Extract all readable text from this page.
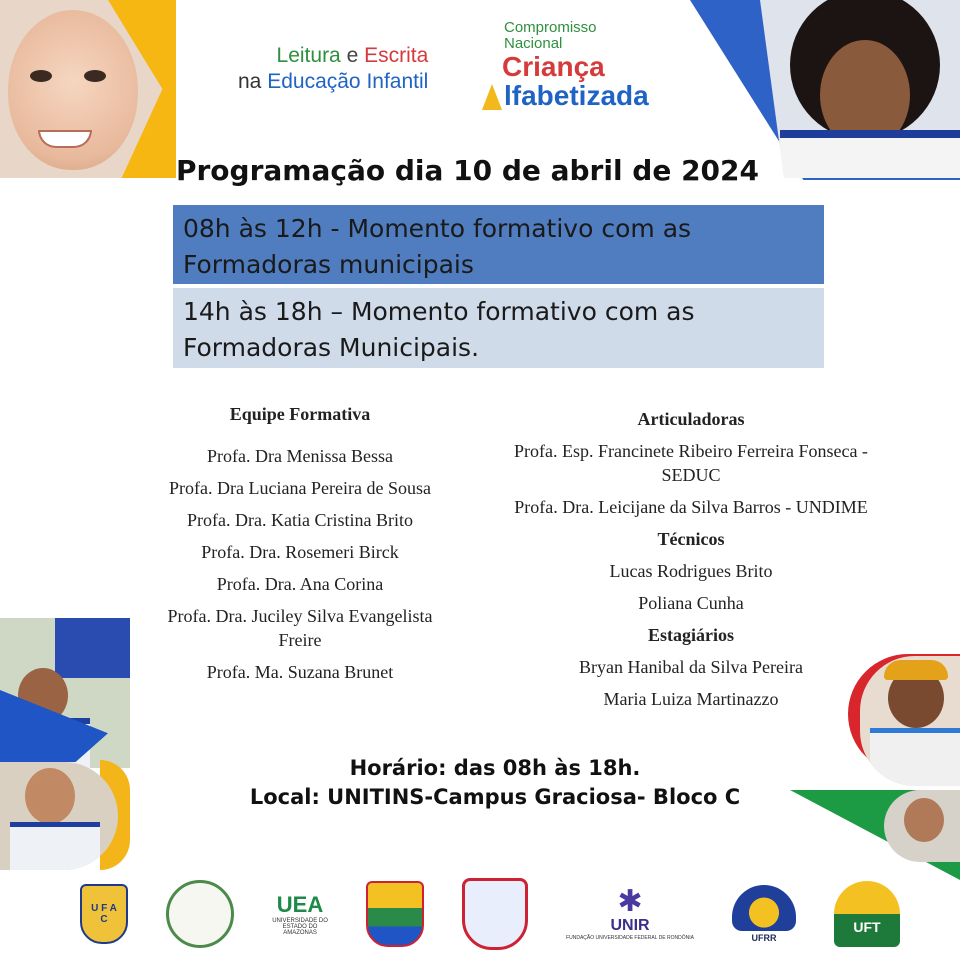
Leitura e Escrita
na Educação Infantil
Compromisso
Nacional
Criança
lfabetizada
Programação dia 10 de abril de 2024
08h às 12h - Momento formativo com as
Formadoras municipais
14h às 18h – Momento formativo com as
Formadoras Municipais.
Equipe Formativa
Profa. Dra Menissa Bessa
Profa. Dra Luciana Pereira de Sousa
Profa. Dra. Katia Cristina Brito
Profa. Dra. Rosemeri Birck
Profa. Dra. Ana Corina
Profa. Dra. Juciley Silva Evangelista
Freire
Profa. Ma. Suzana Brunet
Articuladoras
Profa. Esp. Francinete Ribeiro Ferreira Fonseca -
SEDUC
Profa. Dra. Leicijane da Silva Barros - UNDIME
Técnicos
Lucas Rodrigues Brito
Poliana Cunha
Estagiários
Bryan Hanibal da Silva Pereira
Maria Luiza Martinazzo
Horário: das 08h às 18h.
Local: UNITINS-Campus Graciosa- Bloco C
U F A C
UEA
UNIVERSIDADE DO ESTADO DO AMAZONAS
✱
UNIR
FUNDAÇÃO UNIVERSIDADE FEDERAL DE RONDÔNIA	UFRR
UFT
